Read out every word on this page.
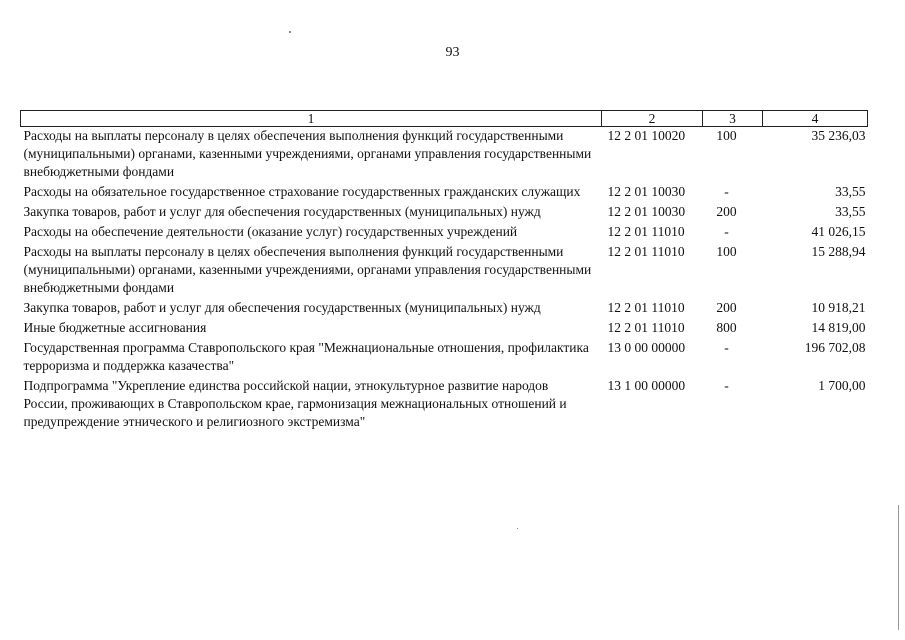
93
1	2	3	4
Расходы на выплаты персоналу в целях обеспечения выполнения функций государственными (муниципальными) органами, казенными учреждениями, органами управления государственными внебюджетными фондами	12 2 01 10020	100	35 236,03
Расходы на обязательное государственное страхование государственных гражданских служащих	12 2 01 10030	-	33,55
Закупка товаров, работ и услуг для обеспечения государственных (муниципальных) нужд	12 2 01 10030	200	33,55
Расходы на обеспечение деятельности (оказание услуг) государственных учреждений	12 2 01 11010	-	41 026,15
Расходы на выплаты персоналу в целях обеспечения выполнения функций государственными (муниципальными) органами, казенными учреждениями, органами управления государственными внебюджетными фондами	12 2 01 11010	100	15 288,94
Закупка товаров, работ и услуг для обеспечения государственных (муниципальных) нужд	12 2 01 11010	200	10 918,21
Иные бюджетные ассигнования	12 2 01 11010	800	14 819,00
Государственная программа Ставропольского края "Межнациональные отношения, профилактика терроризма и поддержка казачества"	13 0 00 00000	-	196 702,08
Подпрограмма "Укрепление единства российской нации, этнокультурное развитие народов России, проживающих в Ставропольском крае, гармонизация межнациональных отношений и предупреждение этнического и религиозного экстремизма"	13 1 00 00000	-	1 700,00
